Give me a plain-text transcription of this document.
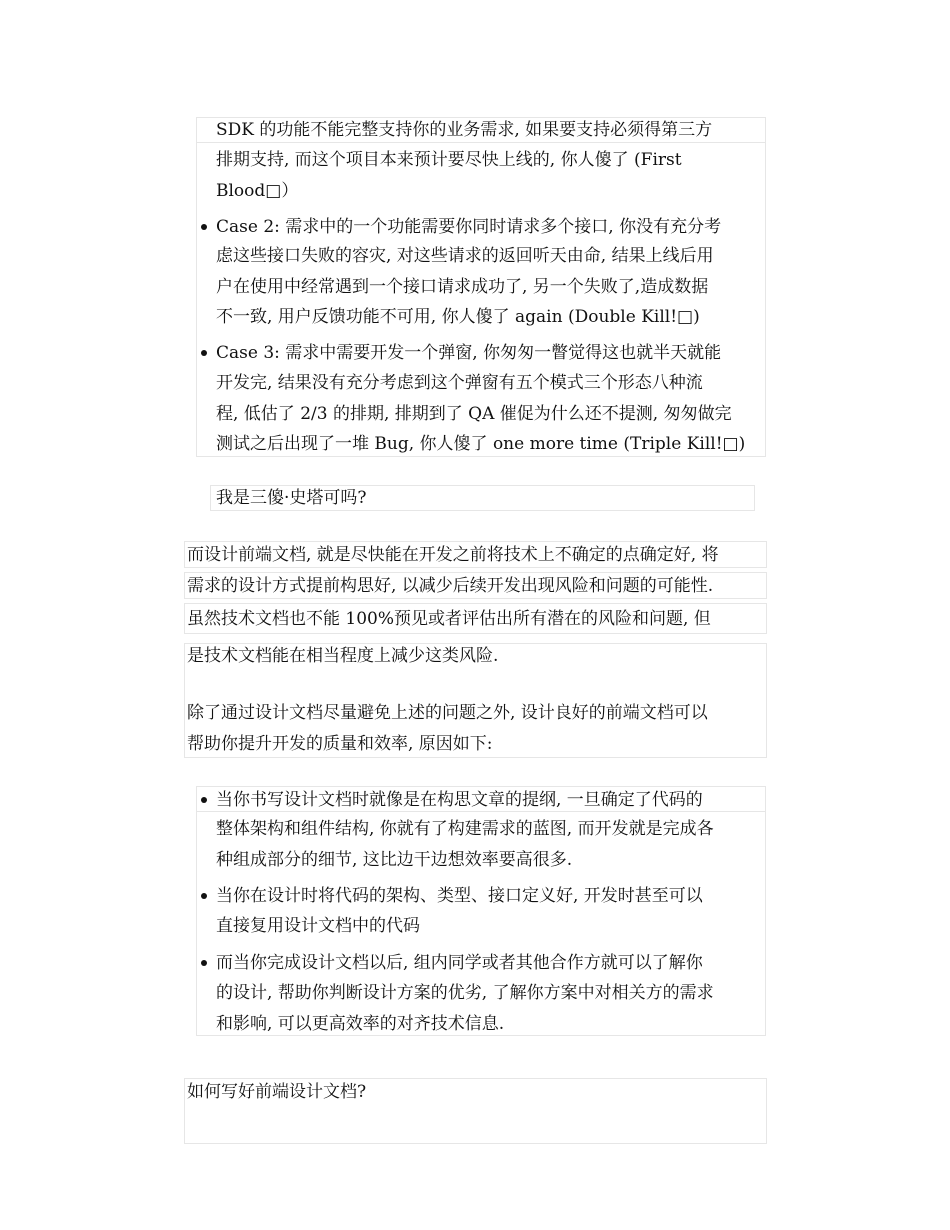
SDK 的功能不能完整支持你的业务需求, 如果要支持必须得第三方
排期支持, 而这个项目本来预计要尽快上线的, 你人傻了 (First
Blood□）
Case 2: 需求中的一个功能需要你同时请求多个接口, 你没有充分考
虑这些接口失败的容灾, 对这些请求的返回听天由命, 结果上线后用
户在使用中经常遇到一个接口请求成功了, 另一个失败了,造成数据
不一致, 用户反馈功能不可用, 你人傻了 again (Double Kill!□)
Case 3: 需求中需要开发一个弹窗, 你匆匆一瞥觉得这也就半天就能
开发完, 结果没有充分考虑到这个弹窗有五个模式三个形态八种流
程, 低估了 2/3 的排期, 排期到了 QA 催促为什么还不提测, 匆匆做完
测试之后出现了一堆 Bug, 你人傻了 one more time (Triple Kill!□)
我是三傻·史塔可吗?
而设计前端文档, 就是尽快能在开发之前将技术上不确定的点确定好, 将
需求的设计方式提前构思好, 以减少后续开发出现风险和问题的可能性.
虽然技术文档也不能 100%预见或者评估出所有潜在的风险和问题, 但
是技术文档能在相当程度上减少这类风险.
除了通过设计文档尽量避免上述的问题之外, 设计良好的前端文档可以
帮助你提升开发的质量和效率, 原因如下:
当你书写设计文档时就像是在构思文章的提纲, 一旦确定了代码的
整体架构和组件结构, 你就有了构建需求的蓝图, 而开发就是完成各
种组成部分的细节, 这比边干边想效率要高很多.
当你在设计时将代码的架构、类型、接口定义好, 开发时甚至可以
直接复用设计文档中的代码
而当你完成设计文档以后, 组内同学或者其他合作方就可以了解你
的设计, 帮助你判断设计方案的优劣, 了解你方案中对相关方的需求
和影响, 可以更高效率的对齐技术信息.
如何写好前端设计文档?
